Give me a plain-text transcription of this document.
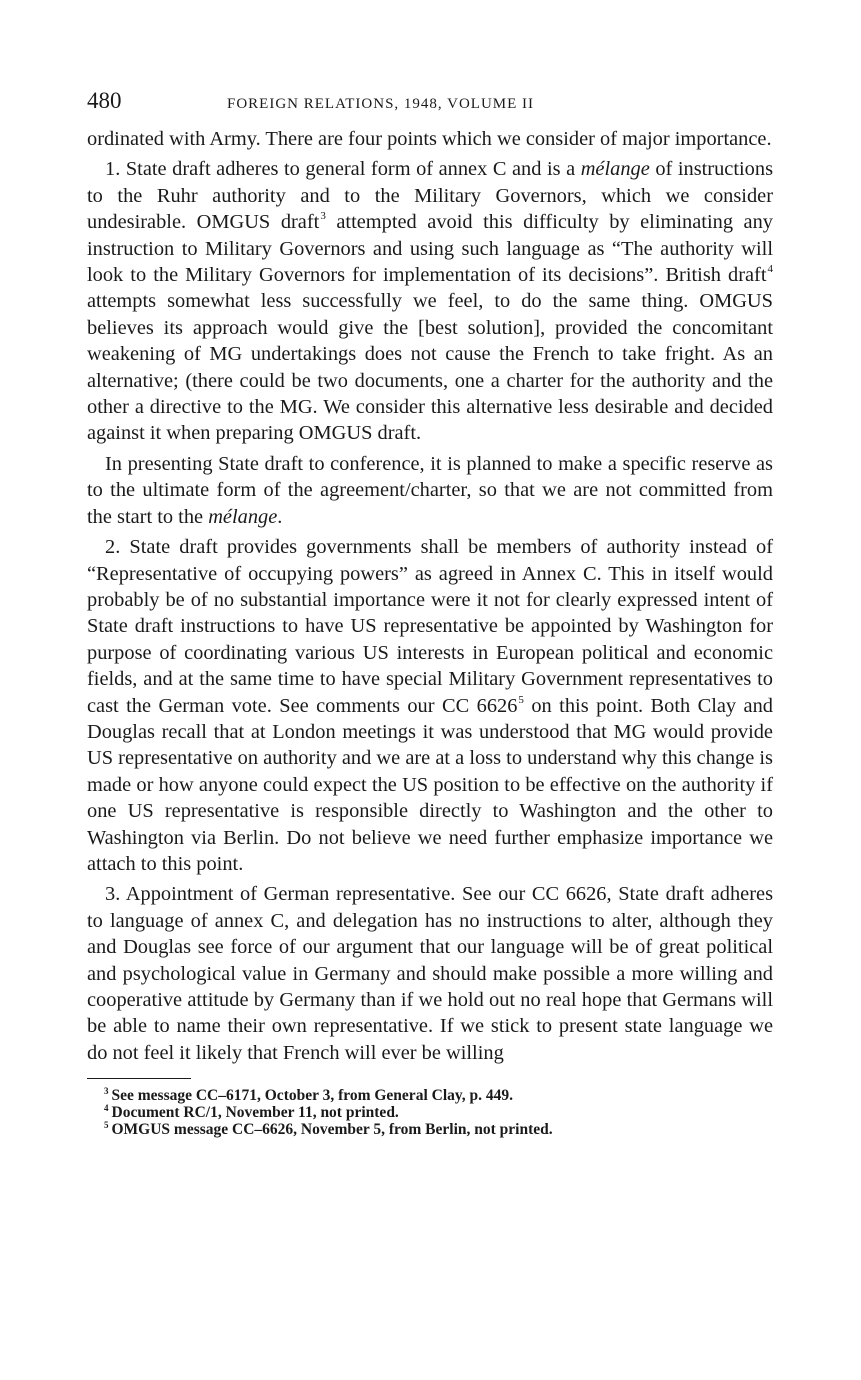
480	FOREIGN RELATIONS, 1948, VOLUME II

ordinated with Army. There are four points which we consider of major importance.

1. State draft adheres to general form of annex C and is a mélange of instructions to the Ruhr authority and to the Military Governors, which we consider undesirable. OMGUS draft$^3$ attempted avoid this difficulty by eliminating any instruction to Military Governors and using such language as “The authority will look to the Military Governors for implementation of its decisions”. British draft$^4$ attempts somewhat less successfully we feel, to do the same thing. OMGUS believes its approach would give the [best solution], provided the concomitant weakening of MG undertakings does not cause the French to take fright. As an alternative; (there could be two documents, one a charter for the authority and the other a directive to the MG. We consider this alternative less desirable and decided against it when preparing OMGUS draft.

In presenting State draft to conference, it is planned to make a specific reserve as to the ultimate form of the agreement/charter, so that we are not committed from the start to the mélange.

2. State draft provides governments shall be members of authority instead of “Representative of occupying powers” as agreed in Annex C. This in itself would probably be of no substantial importance were it not for clearly expressed intent of State draft instructions to have US representative be appointed by Washington for purpose of coordinating various US interests in European political and economic fields, and at the same time to have special Military Government representatives to cast the German vote. See comments our CC 6626$^5$ on this point. Both Clay and Douglas recall that at London meetings it was understood that MG would provide US representative on authority and we are at a loss to understand why this change is made or how anyone could expect the US position to be effective on the authority if one US representative is responsible directly to Washington and the other to Washington via Berlin. Do not believe we need further emphasize importance we attach to this point.

3. Appointment of German representative. See our CC 6626, State draft adheres to language of annex C, and delegation has no instructions to alter, although they and Douglas see force of our argument that our language will be of great political and psychological value in Germany and should make possible a more willing and cooperative attitude by Germany than if we hold out no real hope that Germans will be able to name their own representative. If we stick to present state language we do not feel it likely that French will ever be willing

$^3$ See message CC–6171, October 3, from General Clay, p. 449.
$^4$ Document RC/1, November 11, not printed.
$^5$ OMGUS message CC–6626, November 5, from Berlin, not printed.
